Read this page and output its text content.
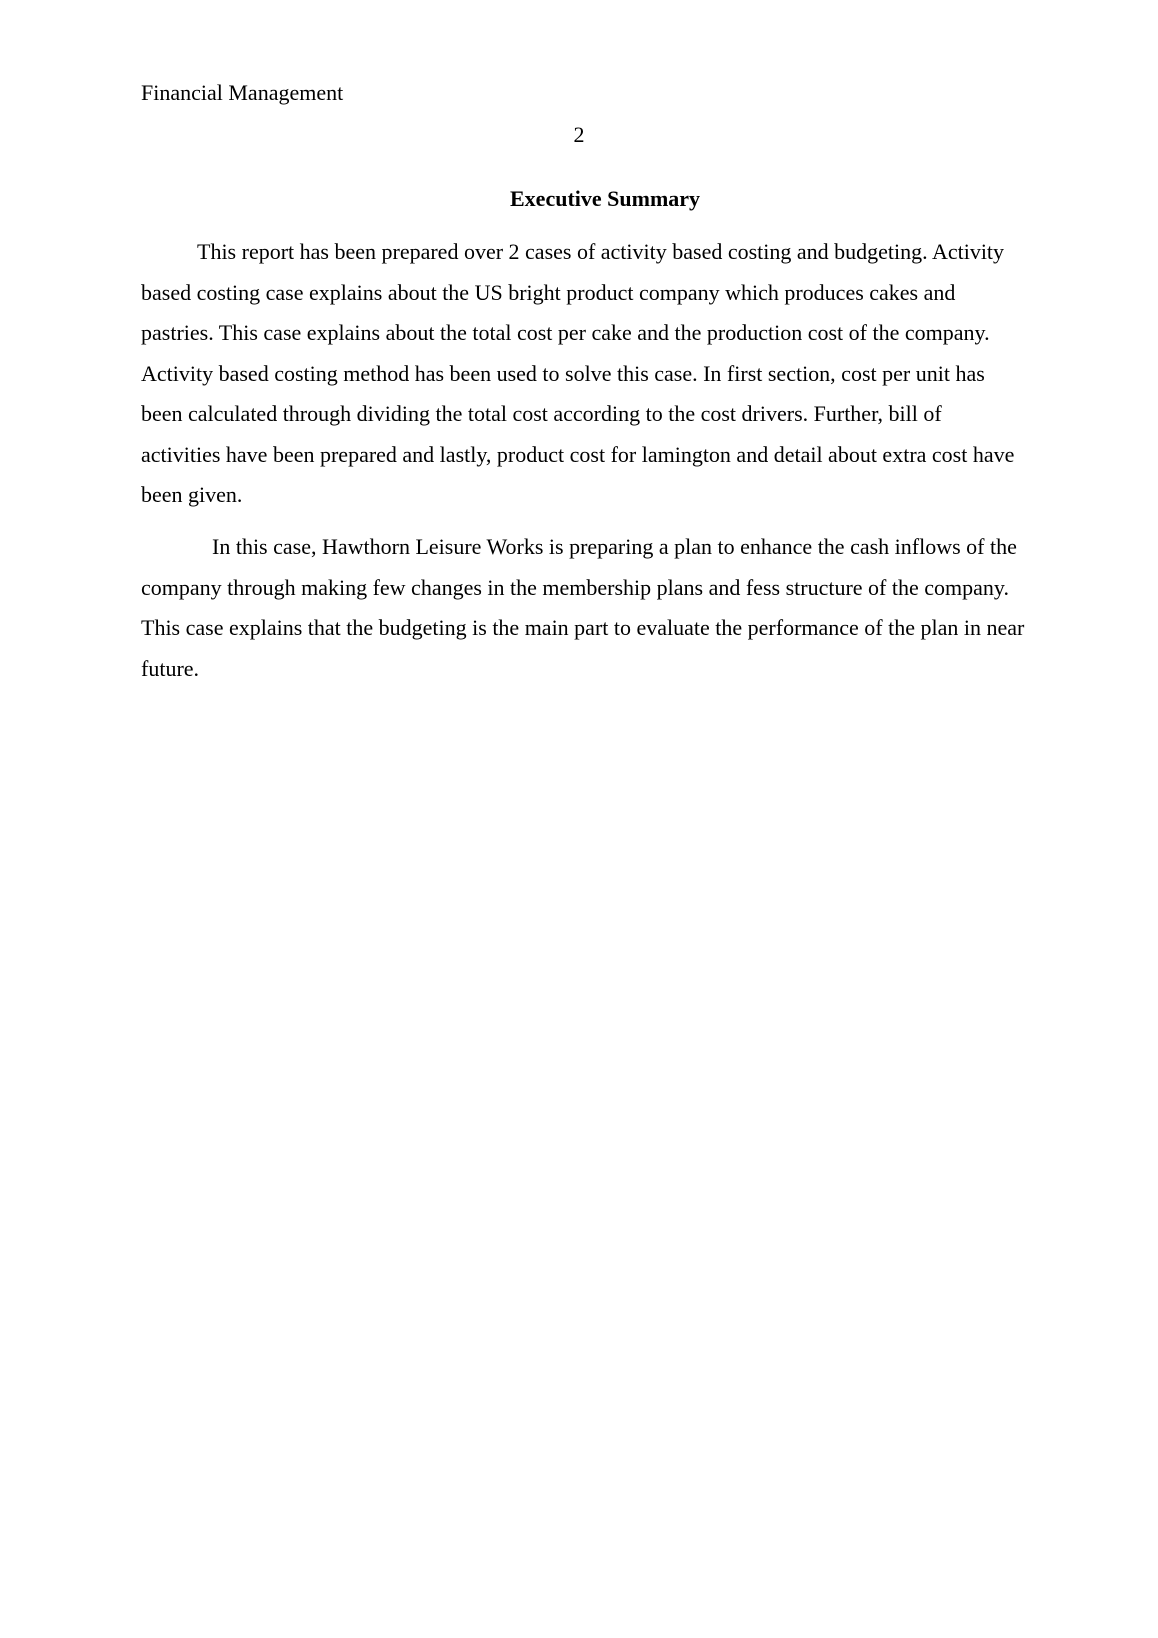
Financial Management
2
Executive Summary

This report has been prepared over 2 cases of activity based costing and budgeting. Activity based costing case explains about the US bright product company which produces cakes and pastries. This case explains about the total cost per cake and the production cost of the company. Activity based costing method has been used to solve this case. In first section, cost per unit has been calculated through dividing the total cost according to the cost drivers. Further, bill of activities have been prepared and lastly, product cost for lamington and detail about extra cost have been given.

In this case, Hawthorn Leisure Works is preparing a plan to enhance the cash inflows of the company through making few changes in the membership plans and fess structure of the company. This case explains that the budgeting is the main part to evaluate the performance of the plan in near future.
